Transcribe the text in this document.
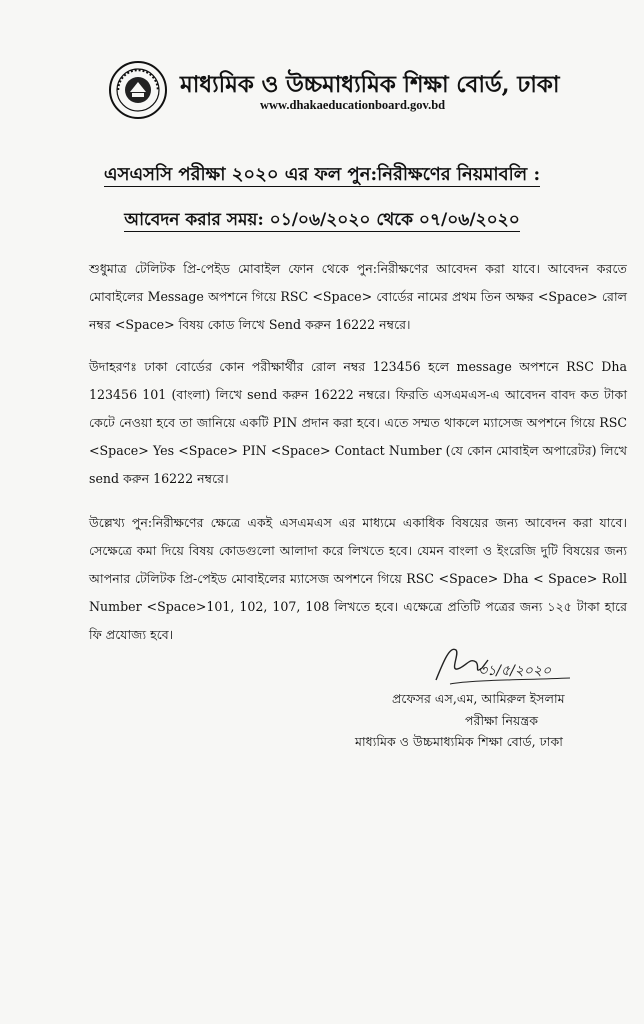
মাধ্যমিক ও উচ্চমাধ্যমিক শিক্ষা বোর্ড, ঢাকা
www.dhakaeducationboard.gov.bd
এসএসসি পরীক্ষা ২০২০ এর ফল পুন:নিরীক্ষণের নিয়মাবলি :
আবেদন করার সময়: ০১/০৬/২০২০ থেকে ০৭/০৬/২০২০
শুধুমাত্র টেলিটক প্রি-পেইড মোবাইল ফোন থেকে পুন:নিরীক্ষণের আবেদন করা যাবে। আবেদন করতে মোবাইলের Message অপশনে গিয়ে RSC <Space> বোর্ডের নামের প্রথম তিন অক্ষর <Space> রোল নম্বর <Space> বিষয় কোড লিখে Send করুন 16222 নম্বরে।
উদাহরণঃ ঢাকা বোর্ডের কোন পরীক্ষার্থীর রোল নম্বর 123456 হলে message অপশনে RSC Dha 123456 101 (বাংলা) লিখে send করুন 16222 নম্বরে। ফিরতি এসএমএস-এ আবেদন বাবদ কত টাকা কেটে নেওয়া হবে তা জানিয়ে একটি PIN প্রদান করা হবে। এতে সম্মত থাকলে ম্যাসেজ অপশনে গিয়ে RSC <Space> Yes <Space> PIN <Space> Contact Number (যে কোন মোবাইল অপারেটর) লিখে send করুন 16222 নম্বরে।
উল্লেখ্য পুন:নিরীক্ষণের ক্ষেত্রে একই এসএমএস এর মাধ্যমে একাধিক বিষয়ের জন্য আবেদন করা যাবে। সেক্ষেত্রে কমা দিয়ে বিষয় কোডগুলো আলাদা করে লিখতে হবে। যেমন বাংলা ও ইংরেজি দুটি বিষয়ের জন্য আপনার টেলিটক প্রি-পেইড মোবাইলের ম্যাসেজ অপশনে গিয়ে RSC <Space> Dha < Space> Roll Number <Space>101, 102, 107, 108 লিখতে হবে। এক্ষেত্রে প্রতিটি পত্রের জন্য ১২৫ টাকা হারে ফি প্রযোজ্য হবে।
৩১/৫/২০২০
প্রফেসর এস,এম, আমিরুল ইসলাম
পরীক্ষা নিয়ন্ত্রক
মাধ্যমিক ও উচ্চমাধ্যমিক শিক্ষা বোর্ড, ঢাকা
